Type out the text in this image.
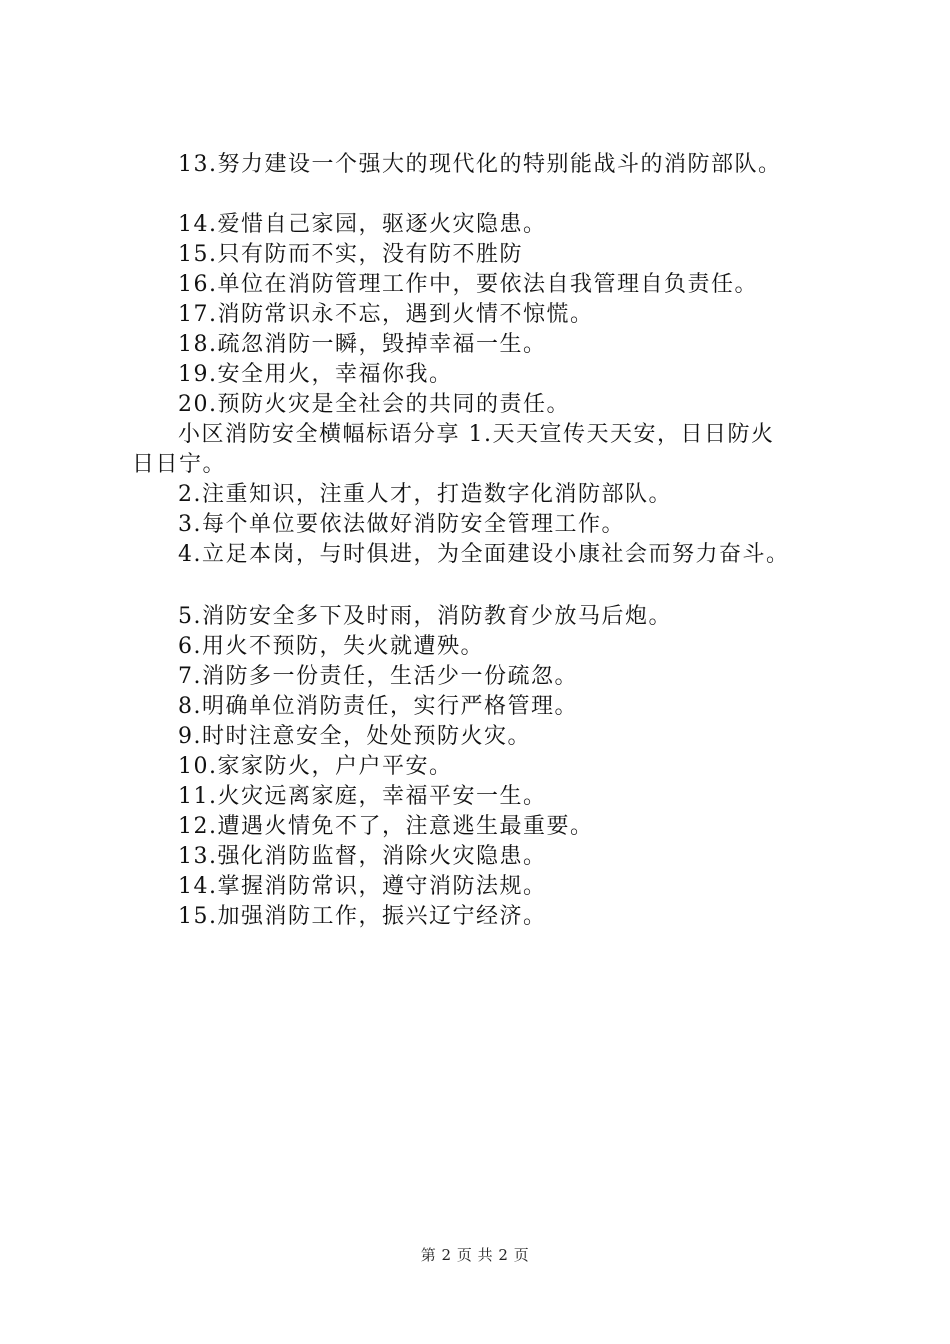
13.努力建设一个强大的现代化的特别能战斗的消防部队。
14.爱惜自己家园，驱逐火灾隐患。
15.只有防而不实，没有防不胜防
16.单位在消防管理工作中，要依法自我管理自负责任。
17.消防常识永不忘，遇到火情不惊慌。
18.疏忽消防一瞬，毁掉幸福一生。
19.安全用火，幸福你我。
20.预防火灾是全社会的共同的责任。
小区消防安全横幅标语分享 1.天天宣传天天安，日日防火
日日宁。
2.注重知识，注重人才，打造数字化消防部队。
3.每个单位要依法做好消防安全管理工作。
4.立足本岗，与时俱进，为全面建设小康社会而努力奋斗。
5.消防安全多下及时雨，消防教育少放马后炮。
6.用火不预防，失火就遭殃。
7.消防多一份责任，生活少一份疏忽。
8.明确单位消防责任，实行严格管理。
9.时时注意安全，处处预防火灾。
10.家家防火，户户平安。
11.火灾远离家庭，幸福平安一生。
12.遭遇火情免不了，注意逃生最重要。
13.强化消防监督，消除火灾隐患。
14.掌握消防常识，遵守消防法规。
15.加强消防工作，振兴辽宁经济。
第 2 页 共 2 页
